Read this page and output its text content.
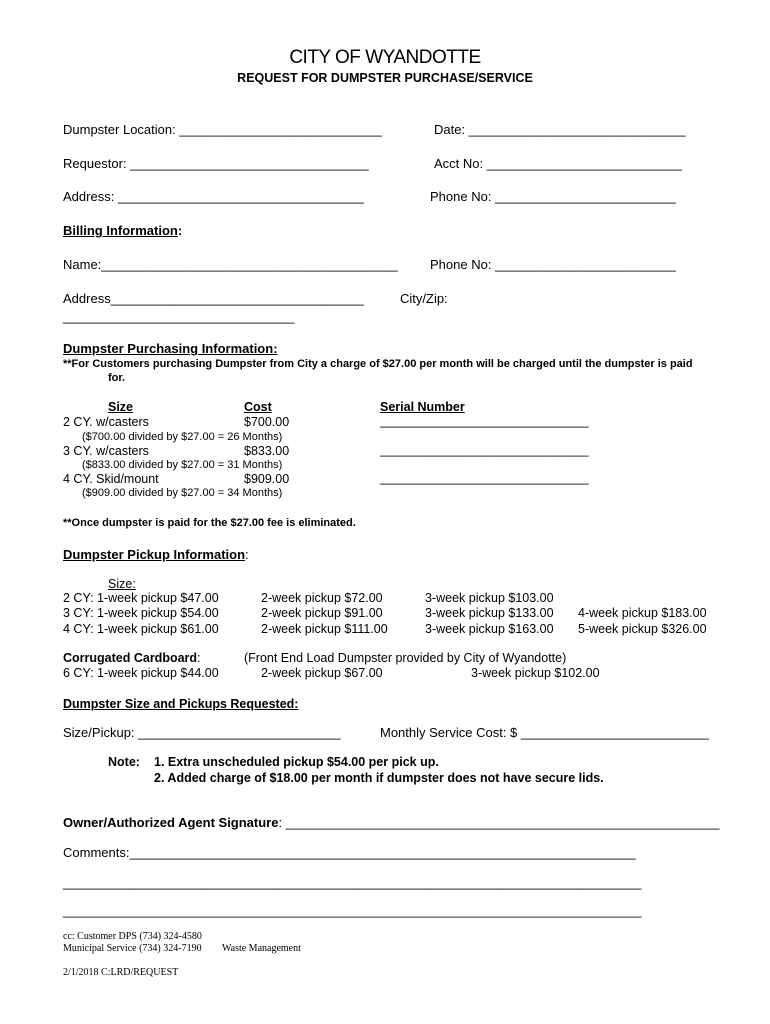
CITY OF WYANDOTTE
REQUEST FOR DUMPSTER PURCHASE/SERVICE
Dumpster Location: ____________________________	Date: ______________________________
Requestor: _________________________________	Acct No: ___________________________
Address: __________________________________	Phone No: _________________________
Billing Information:
Name:_________________________________________ Phone No: _________________________
Address___________________________________	City/Zip:
________________________________
Dumpster Purchasing Information:
**For Customers purchasing Dumpster from City a charge of $27.00 per month will be charged until the dumpster is paid
for.
Size	Cost	Serial Number
2 CY. w/casters	$700.00	______________________________
($700.00 divided by $27.00 = 26 Months)
3 CY. w/casters	$833.00	______________________________
($833.00 divided by $27.00 = 31 Months)
4 CY. Skid/mount	$909.00	______________________________
($909.00 divided by $27.00 = 34 Months)
**Once dumpster is paid for the $27.00 fee is eliminated.
Dumpster Pickup Information:
Size:
2 CY: 1-week pickup $47.00	2-week pickup $72.00	3-week pickup $103.00
3 CY: 1-week pickup $54.00	2-week pickup $91.00	3-week pickup $133.00 4-week pickup $183.00
4 CY: 1-week pickup $61.00	2-week pickup $111.00	3-week pickup $163.00 5-week pickup $326.00
Corrugated Cardboard:	(Front End Load Dumpster provided by City of Wyandotte)
6 CY: 1-week pickup $44.00	2-week pickup $67.00	3-week pickup $102.00
Dumpster Size and Pickups Requested:
Size/Pickup: ____________________________	Monthly Service Cost: $ __________________________
Note: 1. Extra unscheduled pickup $54.00 per pick up.
2. Added charge of $18.00 per month if dumpster does not have secure lids.
Owner/Authorized Agent Signature: ____________________________________________________________
Comments:______________________________________________________________________
________________________________________________________________________________
________________________________________________________________________________
cc: Customer DPS (734) 324-4580
Municipal Service (734) 324-7190 Waste Management
2/1/2018 C:LRD/REQUEST
